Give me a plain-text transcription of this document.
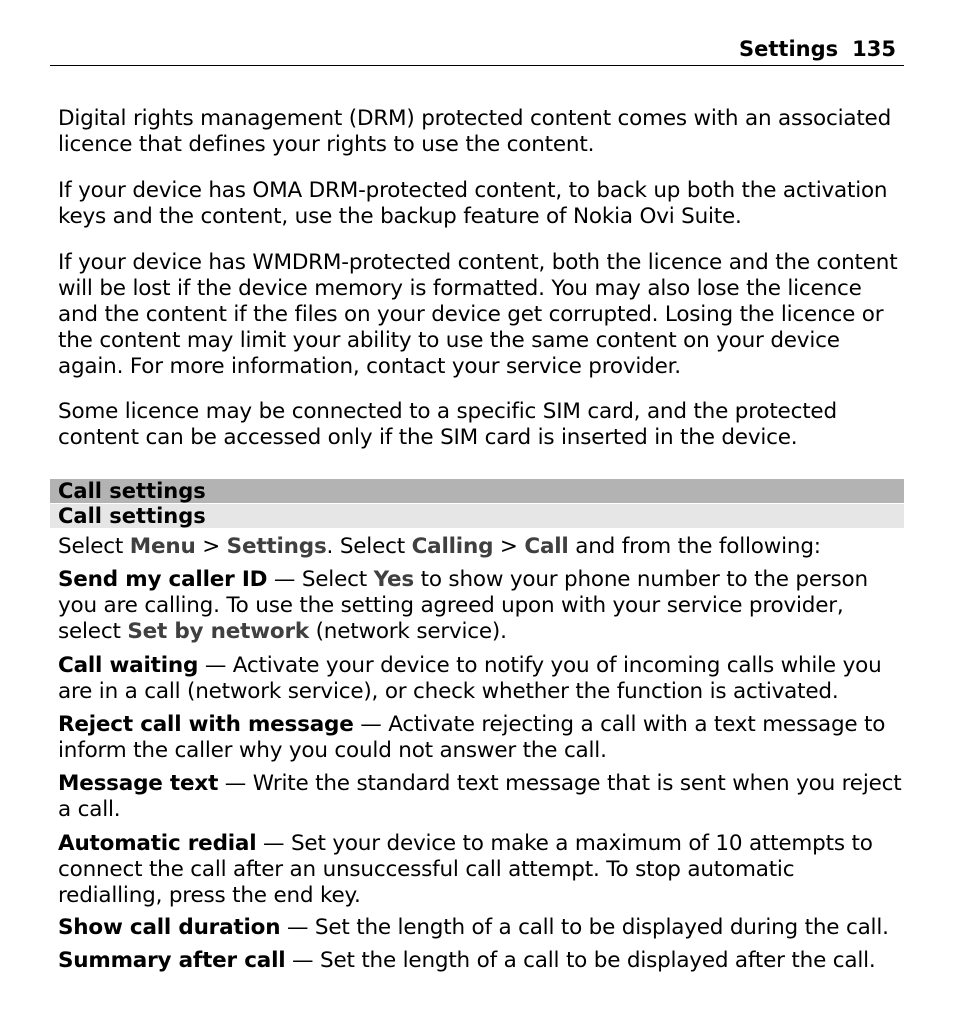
Settings 135

Digital rights management (DRM) protected content comes with an associated licence that defines your rights to use the content.

If your device has OMA DRM-protected content, to back up both the activation keys and the content, use the backup feature of Nokia Ovi Suite.

If your device has WMDRM-protected content, both the licence and the content will be lost if the device memory is formatted. You may also lose the licence and the content if the files on your device get corrupted. Losing the licence or the content may limit your ability to use the same content on your device again. For more information, contact your service provider.

Some licence may be connected to a specific SIM card, and the protected content can be accessed only if the SIM card is inserted in the device.

Call settings
Call settings

Select Menu > Settings. Select Calling > Call and from the following:

Send my caller ID — Select Yes to show your phone number to the person you are calling. To use the setting agreed upon with your service provider, select Set by network (network service).

Call waiting — Activate your device to notify you of incoming calls while you are in a call (network service), or check whether the function is activated.

Reject call with message — Activate rejecting a call with a text message to inform the caller why you could not answer the call.

Message text — Write the standard text message that is sent when you reject a call.

Automatic redial — Set your device to make a maximum of 10 attempts to connect the call after an unsuccessful call attempt. To stop automatic redialling, press the end key.

Show call duration — Set the length of a call to be displayed during the call.

Summary after call — Set the length of a call to be displayed after the call.
